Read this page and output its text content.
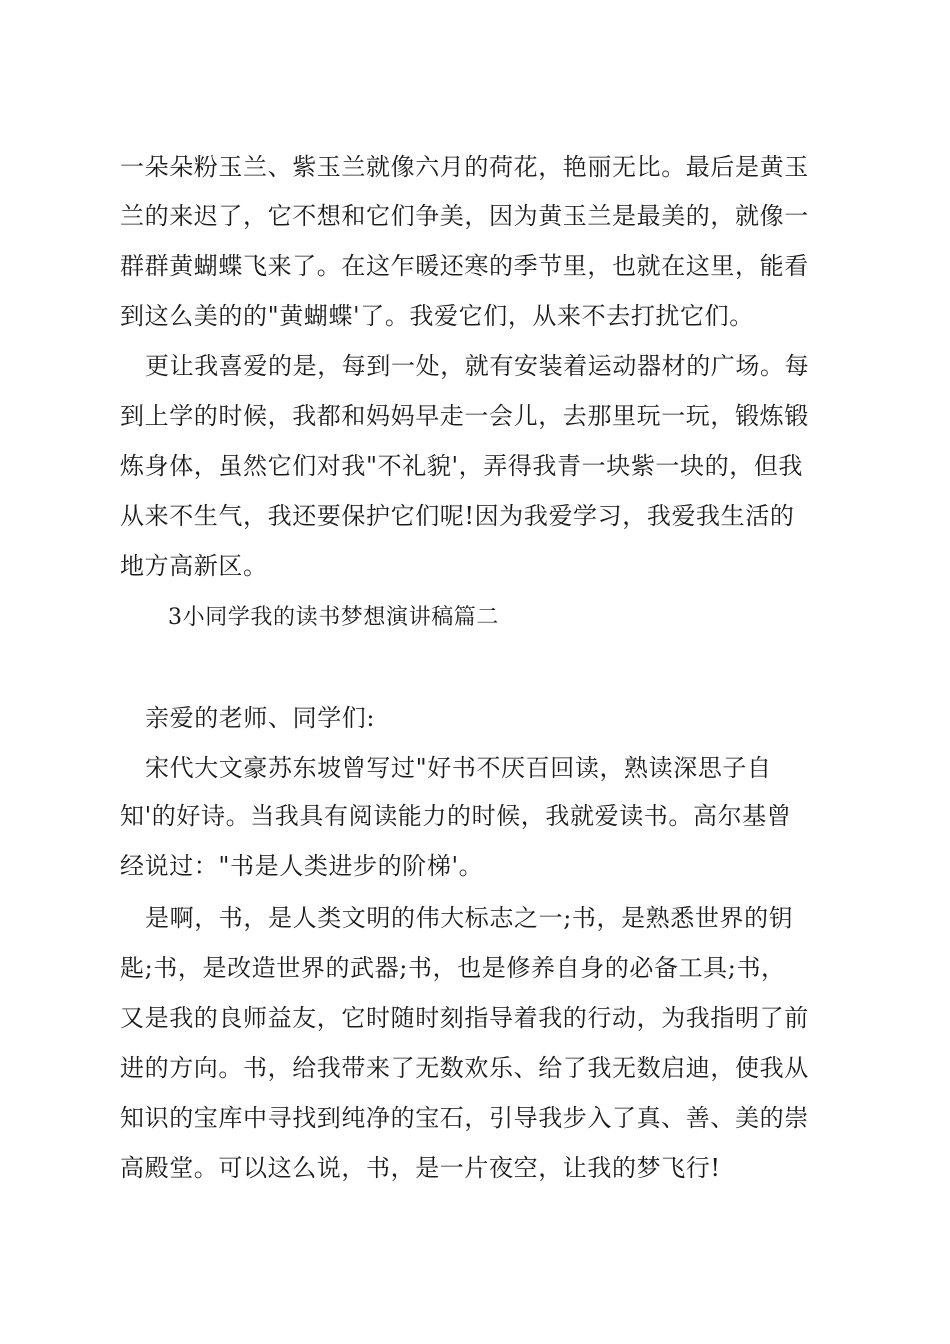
一朵朵粉玉兰、紫玉兰就像六月的荷花，艳丽无比。最后是黄玉
兰的来迟了，它不想和它们争美，因为黄玉兰是最美的，就像一
群群黄蝴蝶飞来了。在这乍暖还寒的季节里，也就在这里，能看
到这么美的的"黄蝴蝶'了。我爱它们，从来不去打扰它们。
更让我喜爱的是，每到一处，就有安装着运动器材的广场。每
到上学的时候，我都和妈妈早走一会儿，去那里玩一玩，锻炼锻
炼身体，虽然它们对我"不礼貌'，弄得我青一块紫一块的，但我
从来不生气，我还要保护它们呢!因为我爱学习，我爱我生活的
地方高新区。
3小同学我的读书梦想演讲稿篇二
亲爱的老师、同学们:
宋代大文豪苏东坡曾写过"好书不厌百回读，熟读深思子自
知'的好诗。当我具有阅读能力的时候，我就爱读书。高尔基曾
经说过："书是人类进步的阶梯'。
是啊，书，是人类文明的伟大标志之一;书，是熟悉世界的钥
匙;书，是改造世界的武器;书，也是修养自身的必备工具;书，
又是我的良师益友，它时随时刻指导着我的行动，为我指明了前
进的方向。书，给我带来了无数欢乐、给了我无数启迪，使我从
知识的宝库中寻找到纯净的宝石，引导我步入了真、善、美的崇
高殿堂。可以这么说，书，是一片夜空，让我的梦飞行!
